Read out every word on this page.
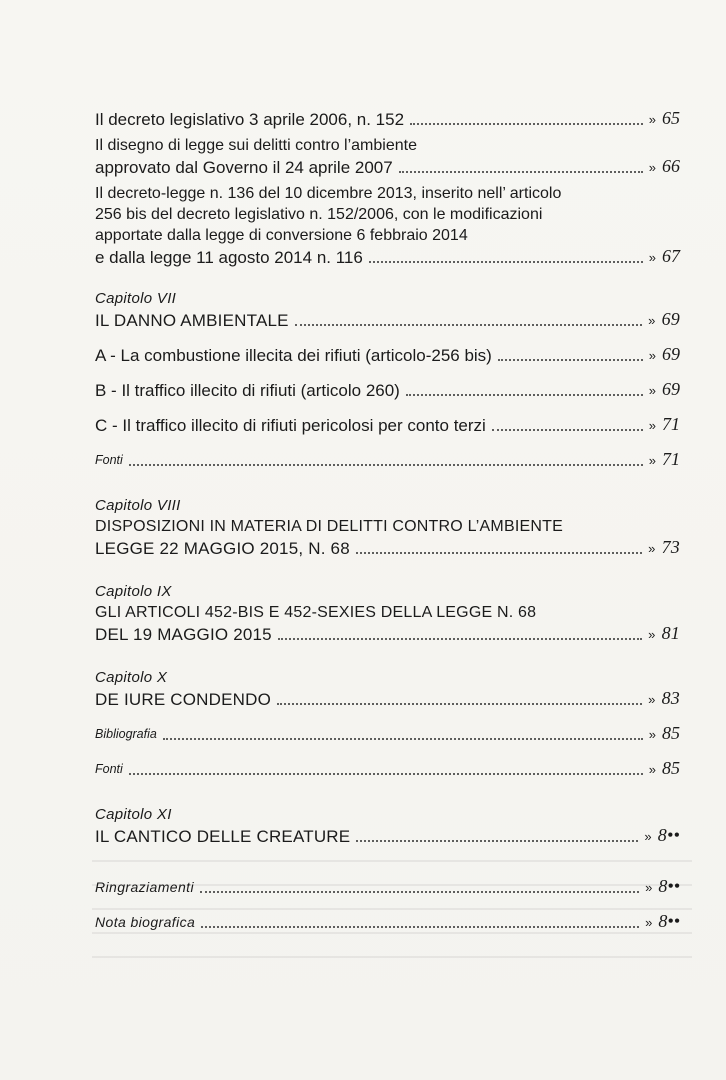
Il decreto legislativo 3 aprile 2006, n. 152	» 65
Il disegno di legge sui delitti contro l’ambiente
approvato dal Governo il 24 aprile 2007	» 66
Il decreto-legge n. 136 del 10 dicembre 2013, inserito nell’ articolo
256 bis del decreto legislativo n. 152/2006, con le modificazioni
apportate dalla legge di conversione 6 febbraio 2014
e dalla legge 11 agosto 2014 n. 116	» 67
Capitolo VII
IL DANNO AMBIENTALE	» 69
A - La combustione illecita dei rifiuti (articolo-256 bis)	» 69
B - Il traffico illecito di rifiuti (articolo 260)	» 69
C - Il traffico illecito di rifiuti pericolosi per conto terzi	» 71
Fonti	» 71
Capitolo VIII
DISPOSIZIONI IN MATERIA DI DELITTI CONTRO L’AMBIENTE
LEGGE 22 MAGGIO 2015, N. 68	» 73
Capitolo IX
GLI ARTICOLI 452-BIS E 452-SEXIES DELLA LEGGE N. 68
DEL 19 MAGGIO 2015	» 81
Capitolo X
DE IURE CONDENDO	» 83
Bibliografia	» 85
Fonti	» 85
Capitolo XI
IL CANTICO DELLE CREATURE	» 8••
Ringraziamenti	» 8••
Nota biografica	» 8••
